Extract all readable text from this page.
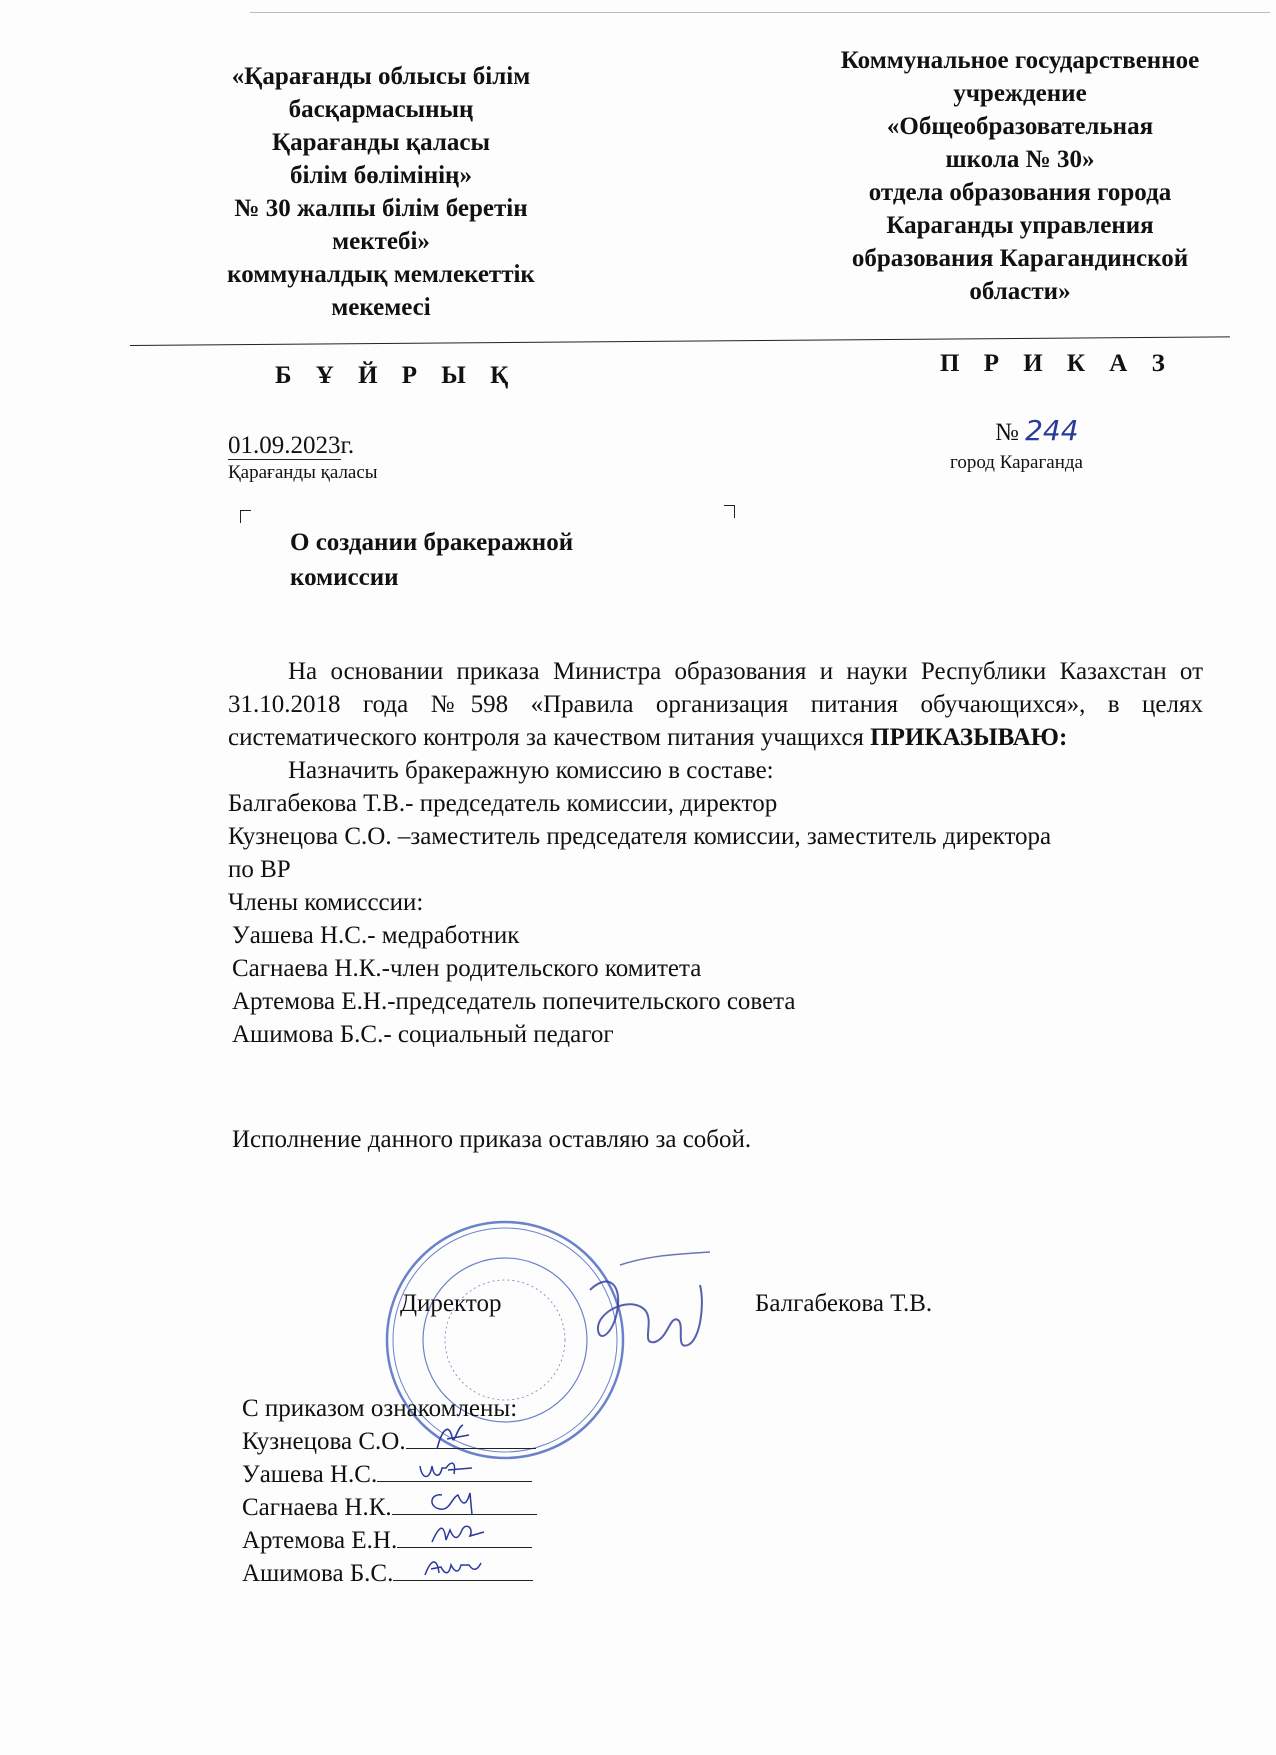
«Қарағанды облысы білім
басқармасының
Қарағанды қаласы
білім бөлімінің»
№ 30 жалпы білім беретін
мектебі»
коммуналдық мемлекеттік
мекемесі
Коммунальное государственное
учреждение
«Общеобразовательная
школа № 30»
отдела образования города
Караганды управления
образования Карагандинской
области»
Б Ұ Й Р Ы Қ	П Р И К А З
01.09.2023г.
Қарағанды қаласы
№ 244
город Караганда
О создании бракеражной
комиссии

На основании приказа Министра образования и науки Республики Казахстан от 31.10.2018 года №598 «Правила организация питания обучающихся», в целях систематического контроля за качеством питания учащихся ПРИКАЗЫВАЮ:

Назначить бракеражную комиссию в составе:

Балгабекова Т.В.- председатель комиссии, директор

Кузнецова С.О. –заместитель председателя комиссии, заместитель директора

по ВР

Члены комисссии:

Уашева Н.С.- медработник

Сагнаева Н.К.-член родительского комитета

Артемова Е.Н.-председатель попечительского совета

Ашимова Б.С.- социальный педагог

Исполнение данного приказа оставляю за собой.
Директор	Балгабекова Т.В.
С приказом ознакомлены:
Кузнецова С.О.
Уашева Н.С.
Сагнаева Н.К.
Артемова Е.Н.
Ашимова Б.С.
